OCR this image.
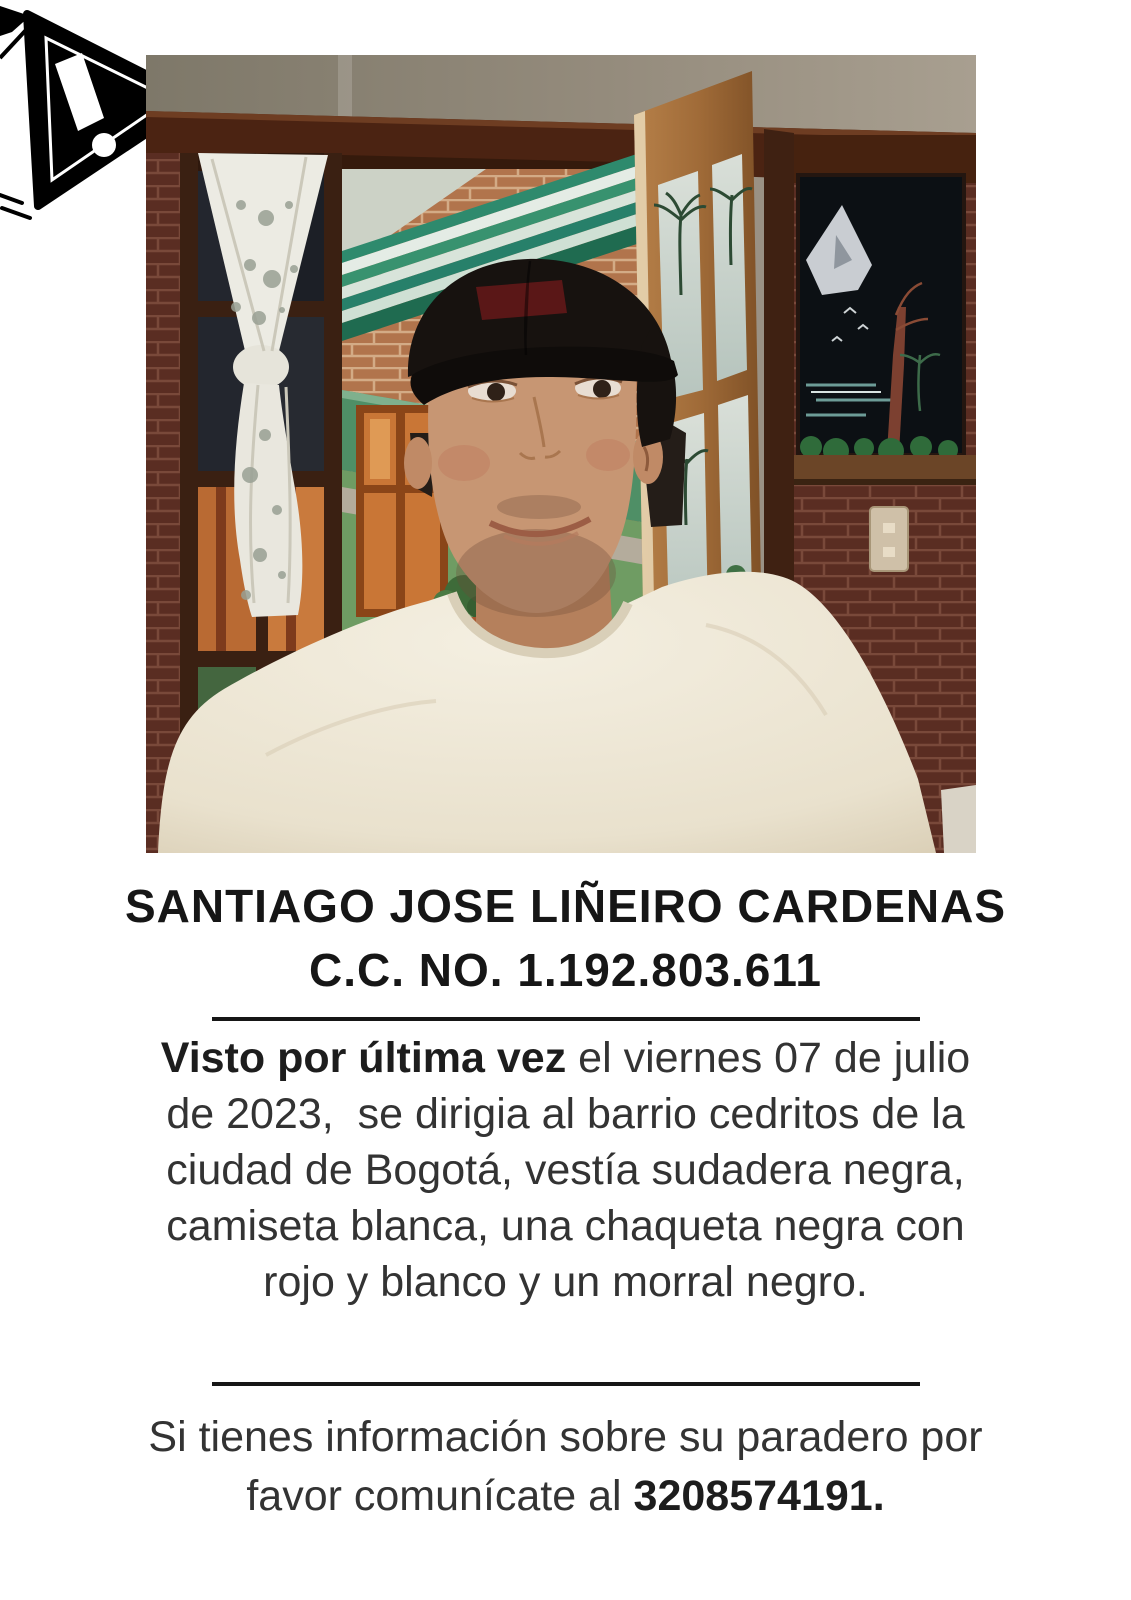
SANTIAGO JOSE LIÑEIRO CARDENAS
C.C. NO. 1.192.803.611
Visto por última vez el viernes 07 de julio
de 2023,  se dirigia al barrio cedritos de la
ciudad de Bogotá, vestía sudadera negra,
camiseta blanca, una chaqueta negra con
rojo y blanco y un morral negro.
Si tienes información sobre su paradero por
favor comunícate al 3208574191.
